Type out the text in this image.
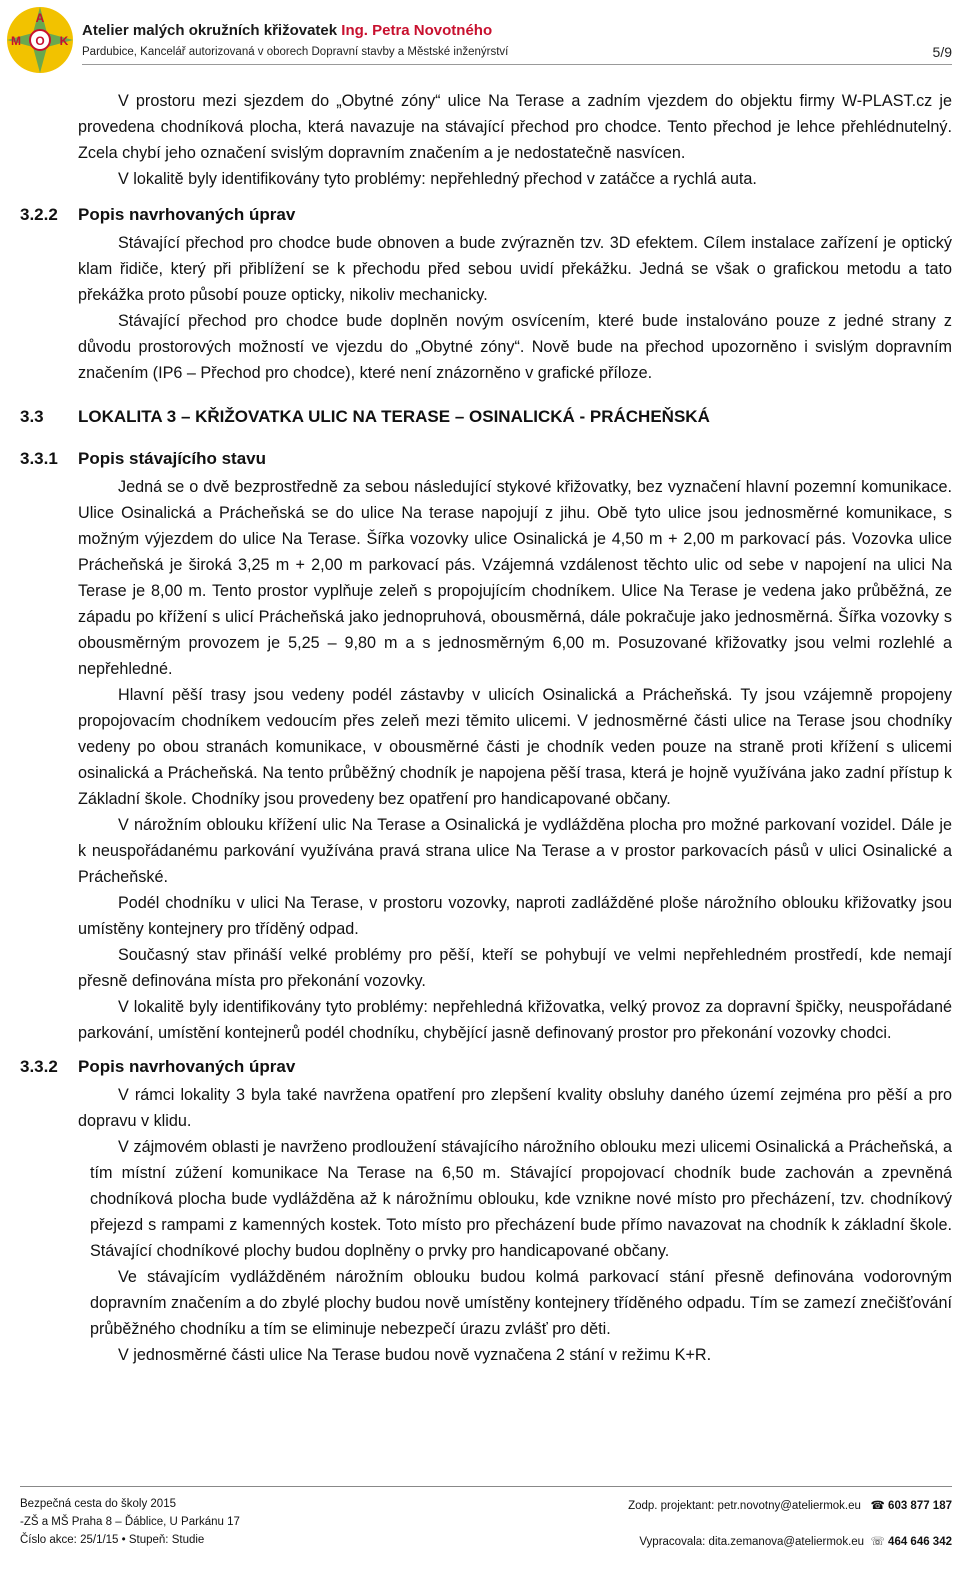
A
M O K
Atelier malých okružních křižovatek Ing. Petra Novotného
Pardubice, Kancelář autorizovaná v oborech Dopravní stavby a Městské inženýrství	5/9

V prostoru mezi sjezdem do „Obytné zóny“ ulice Na Terase a zadním vjezdem do objektu firmy W-PLAST.cz je provedena chodníková plocha, která navazuje na stávající přechod pro chodce. Tento přechod je lehce přehlédnutelný. Zcela chybí jeho označení svislým dopravním značením a je nedostatečně nasvícen.

V lokalitě byly identifikovány tyto problémy: nepřehledný přechod v zatáčce a rychlá auta.

3.2.2 Popis navrhovaných úprav

Stávající přechod pro chodce bude obnoven a bude zvýrazněn tzv. 3D efektem. Cílem instalace zařízení je optický klam řidiče, který při přiblížení se k přechodu před sebou uvidí překážku. Jedná se však o grafickou metodu a tato překážka proto působí pouze opticky, nikoliv mechanicky.

Stávající přechod pro chodce bude doplněn novým osvícením, které bude instalováno pouze z jedné strany z důvodu prostorových možností ve vjezdu do „Obytné zóny“. Nově bude na přechod upozorněno i svislým dopravním značením (IP6 – Přechod pro chodce), které není znázorněno v grafické příloze.

3.3 LOKALITA 3 – KŘIŽOVATKA ULIC NA TERASE – OSINALICKÁ - PRÁCHEŇSKÁ
3.3.1 Popis stávajícího stavu

Jedná se o dvě bezprostředně za sebou následující stykové křižovatky, bez vyznačení hlavní pozemní komunikace. Ulice Osinalická a Prácheňská se do ulice Na terase napojují z jihu. Obě tyto ulice jsou jednosměrné komunikace, s možným výjezdem do ulice Na Terase. Šířka vozovky ulice Osinalická je 4,50 m + 2,00 m parkovací pás. Vozovka ulice Prácheňská je široká 3,25 m + 2,00 m parkovací pás. Vzájemná vzdálenost těchto ulic od sebe v napojení na ulici Na Terase je 8,00 m. Tento prostor vyplňuje zeleň s propojujícím chodníkem. Ulice Na Terase je vedena jako průběžná, ze západu po křížení s ulicí Prácheňská jako jednopruhová, obousměrná, dále pokračuje jako jednosměrná. Šířka vozovky s obousměrným provozem je 5,25 – 9,80 m a s jednosměrným 6,00 m. Posuzované křižovatky jsou velmi rozlehlé a nepřehledné.

Hlavní pěší trasy jsou vedeny podél zástavby v ulicích Osinalická a Prácheňská. Ty jsou vzájemně propojeny propojovacím chodníkem vedoucím přes zeleň mezi těmito ulicemi. V jednosměrné části ulice na Terase jsou chodníky vedeny po obou stranách komunikace, v obousměrné části je chodník veden pouze na straně proti křížení s ulicemi osinalická a Prácheňská. Na tento průběžný chodník je napojena pěší trasa, která je hojně využívána jako zadní přístup k Základní škole. Chodníky jsou provedeny bez opatření pro handicapované občany.

V nárožním oblouku křížení ulic Na Terase a Osinalická je vydlážděna plocha pro možné parkovaní vozidel. Dále je k neuspořádanému parkování využívána pravá strana ulice Na Terase a v prostor parkovacích pásů v ulici Osinalické a Prácheňské.

Podél chodníku v ulici Na Terase, v prostoru vozovky, naproti zadlážděné ploše nárožního oblouku křižovatky jsou umístěny kontejnery pro tříděný odpad.

Současný stav přináší velké problémy pro pěší, kteří se pohybují ve velmi nepřehledném prostředí, kde nemají přesně definována místa pro překonání vozovky.

V lokalitě byly identifikovány tyto problémy: nepřehledná křižovatka, velký provoz za dopravní špičky, neuspořádané parkování, umístění kontejnerů podél chodníku, chybějící jasně definovaný prostor pro překonání vozovky chodci.

3.3.2 Popis navrhovaných úprav

V rámci lokality 3 byla také navržena opatření pro zlepšení kvality obsluhy daného území zejména pro pěší a pro dopravu v klidu.

V zájmovém oblasti je navrženo prodloužení stávajícího nárožního oblouku mezi ulicemi Osinalická a Prácheňská, a tím místní zúžení komunikace Na Terase na 6,50 m. Stávající propojovací chodník bude zachován a zpevněná chodníková plocha bude vydlážděna až k nárožnímu oblouku, kde vznikne nové místo pro přecházení, tzv. chodníkový přejezd s rampami z kamenných kostek. Toto místo pro přecházení bude přímo navazovat na chodník k základní škole. Stávající chodníkové plochy budou doplněny o prvky pro handicapované občany.

Ve stávajícím vydlážděném nárožním oblouku budou kolmá parkovací stání přesně definována vodorovným dopravním značením a do zbylé plochy budou nově umístěny kontejnery tříděného odpadu. Tím se zamezí znečišťování průběžného chodníku a tím se eliminuje nebezpečí úrazu zvlášť pro děti.

V jednosměrné části ulice Na Terase budou nově vyznačena 2 stání v režimu K+R.

Bezpečná cesta do školy 2015
-ZŠ a MŠ Praha 8 – Ďáblice, U Parkánu 17
Číslo akce: 25/1/15 • Stupeň: Studie
Zodp. projektant: petr.novotny@ateliermok.eu ☎ 603 877 187
Vypracovala: dita.zemanova@ateliermok.eu ☏ 464 646 342
